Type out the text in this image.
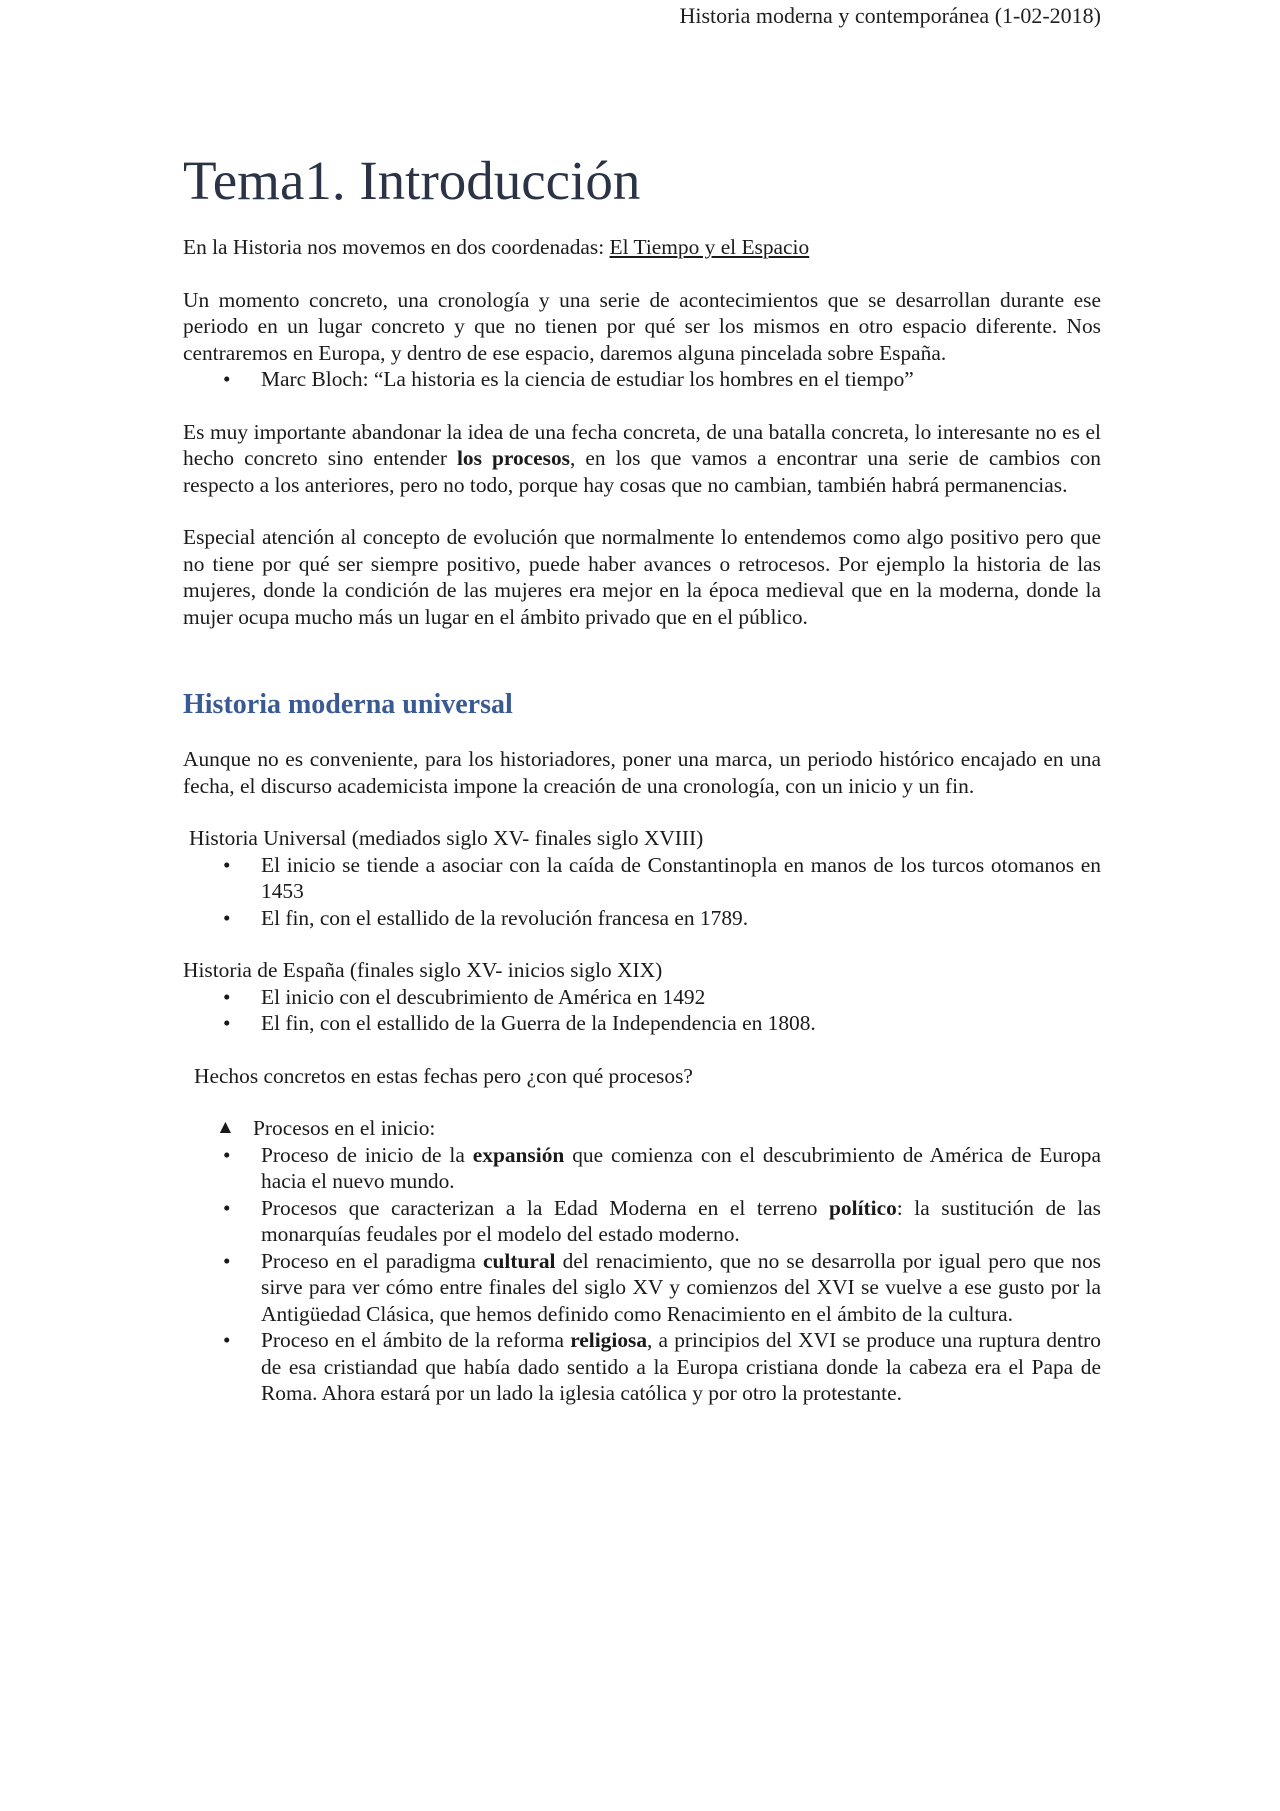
Historia moderna y contemporánea (1-02-2018)
Tema1. Introducción

En la Historia nos movemos en dos coordenadas: El Tiempo y el Espacio

Un momento concreto, una cronología y una serie de acontecimientos que se desarrollan durante ese periodo en un lugar concreto y que no tienen por qué ser los mismos en otro espacio diferente. Nos centraremos en Europa, y dentro de ese espacio, daremos alguna pincelada sobre España.

• Marc Bloch: “La historia es la ciencia de estudiar los hombres en el tiempo”

Es muy importante abandonar la idea de una fecha concreta, de una batalla concreta, lo interesante no es el hecho concreto sino entender los procesos, en los que vamos a encontrar una serie de cambios con respecto a los anteriores, pero no todo, porque hay cosas que no cambian, también habrá permanencias.

Especial atención al concepto de evolución que normalmente lo entendemos como algo positivo pero que no tiene por qué ser siempre positivo, puede haber avances o retrocesos. Por ejemplo la historia de las mujeres, donde la condición de las mujeres era mejor en la época medieval que en la moderna, donde la mujer ocupa mucho más un lugar en el ámbito privado que en el público.

Historia moderna universal

Aunque no es conveniente, para los historiadores, poner una marca, un periodo histórico encajado en una fecha, el discurso academicista impone la creación de una cronología, con un inicio y un fin.

Historia Universal (mediados siglo XV- finales siglo XVIII)

• El inicio se tiende a asociar con la caída de Constantinopla en manos de los turcos otomanos en 1453
• El fin, con el estallido de la revolución francesa en 1789.

Historia de España (finales siglo XV- inicios siglo XIX)

• El inicio con el descubrimiento de América en 1492
• El fin, con el estallido de la Guerra de la Independencia en 1808.

Hechos concretos en estas fechas pero ¿con qué procesos?

▲ Procesos en el inicio:
• Proceso de inicio de la expansión que comienza con el descubrimiento de América de Europa hacia el nuevo mundo.
• Procesos que caracterizan a la Edad Moderna en el terreno político: la sustitución de las monarquías feudales por el modelo del estado moderno.
• Proceso en el paradigma cultural del renacimiento, que no se desarrolla por igual pero que nos sirve para ver cómo entre finales del siglo XV y comienzos del XVI se vuelve a ese gusto por la Antigüedad Clásica, que hemos definido como Renacimiento en el ámbito de la cultura.
• Proceso en el ámbito de la reforma religiosa, a principios del XVI se produce una ruptura dentro de esa cristiandad que había dado sentido a la Europa cristiana donde la cabeza era el Papa de Roma. Ahora estará por un lado la iglesia católica y por otro la protestante.
